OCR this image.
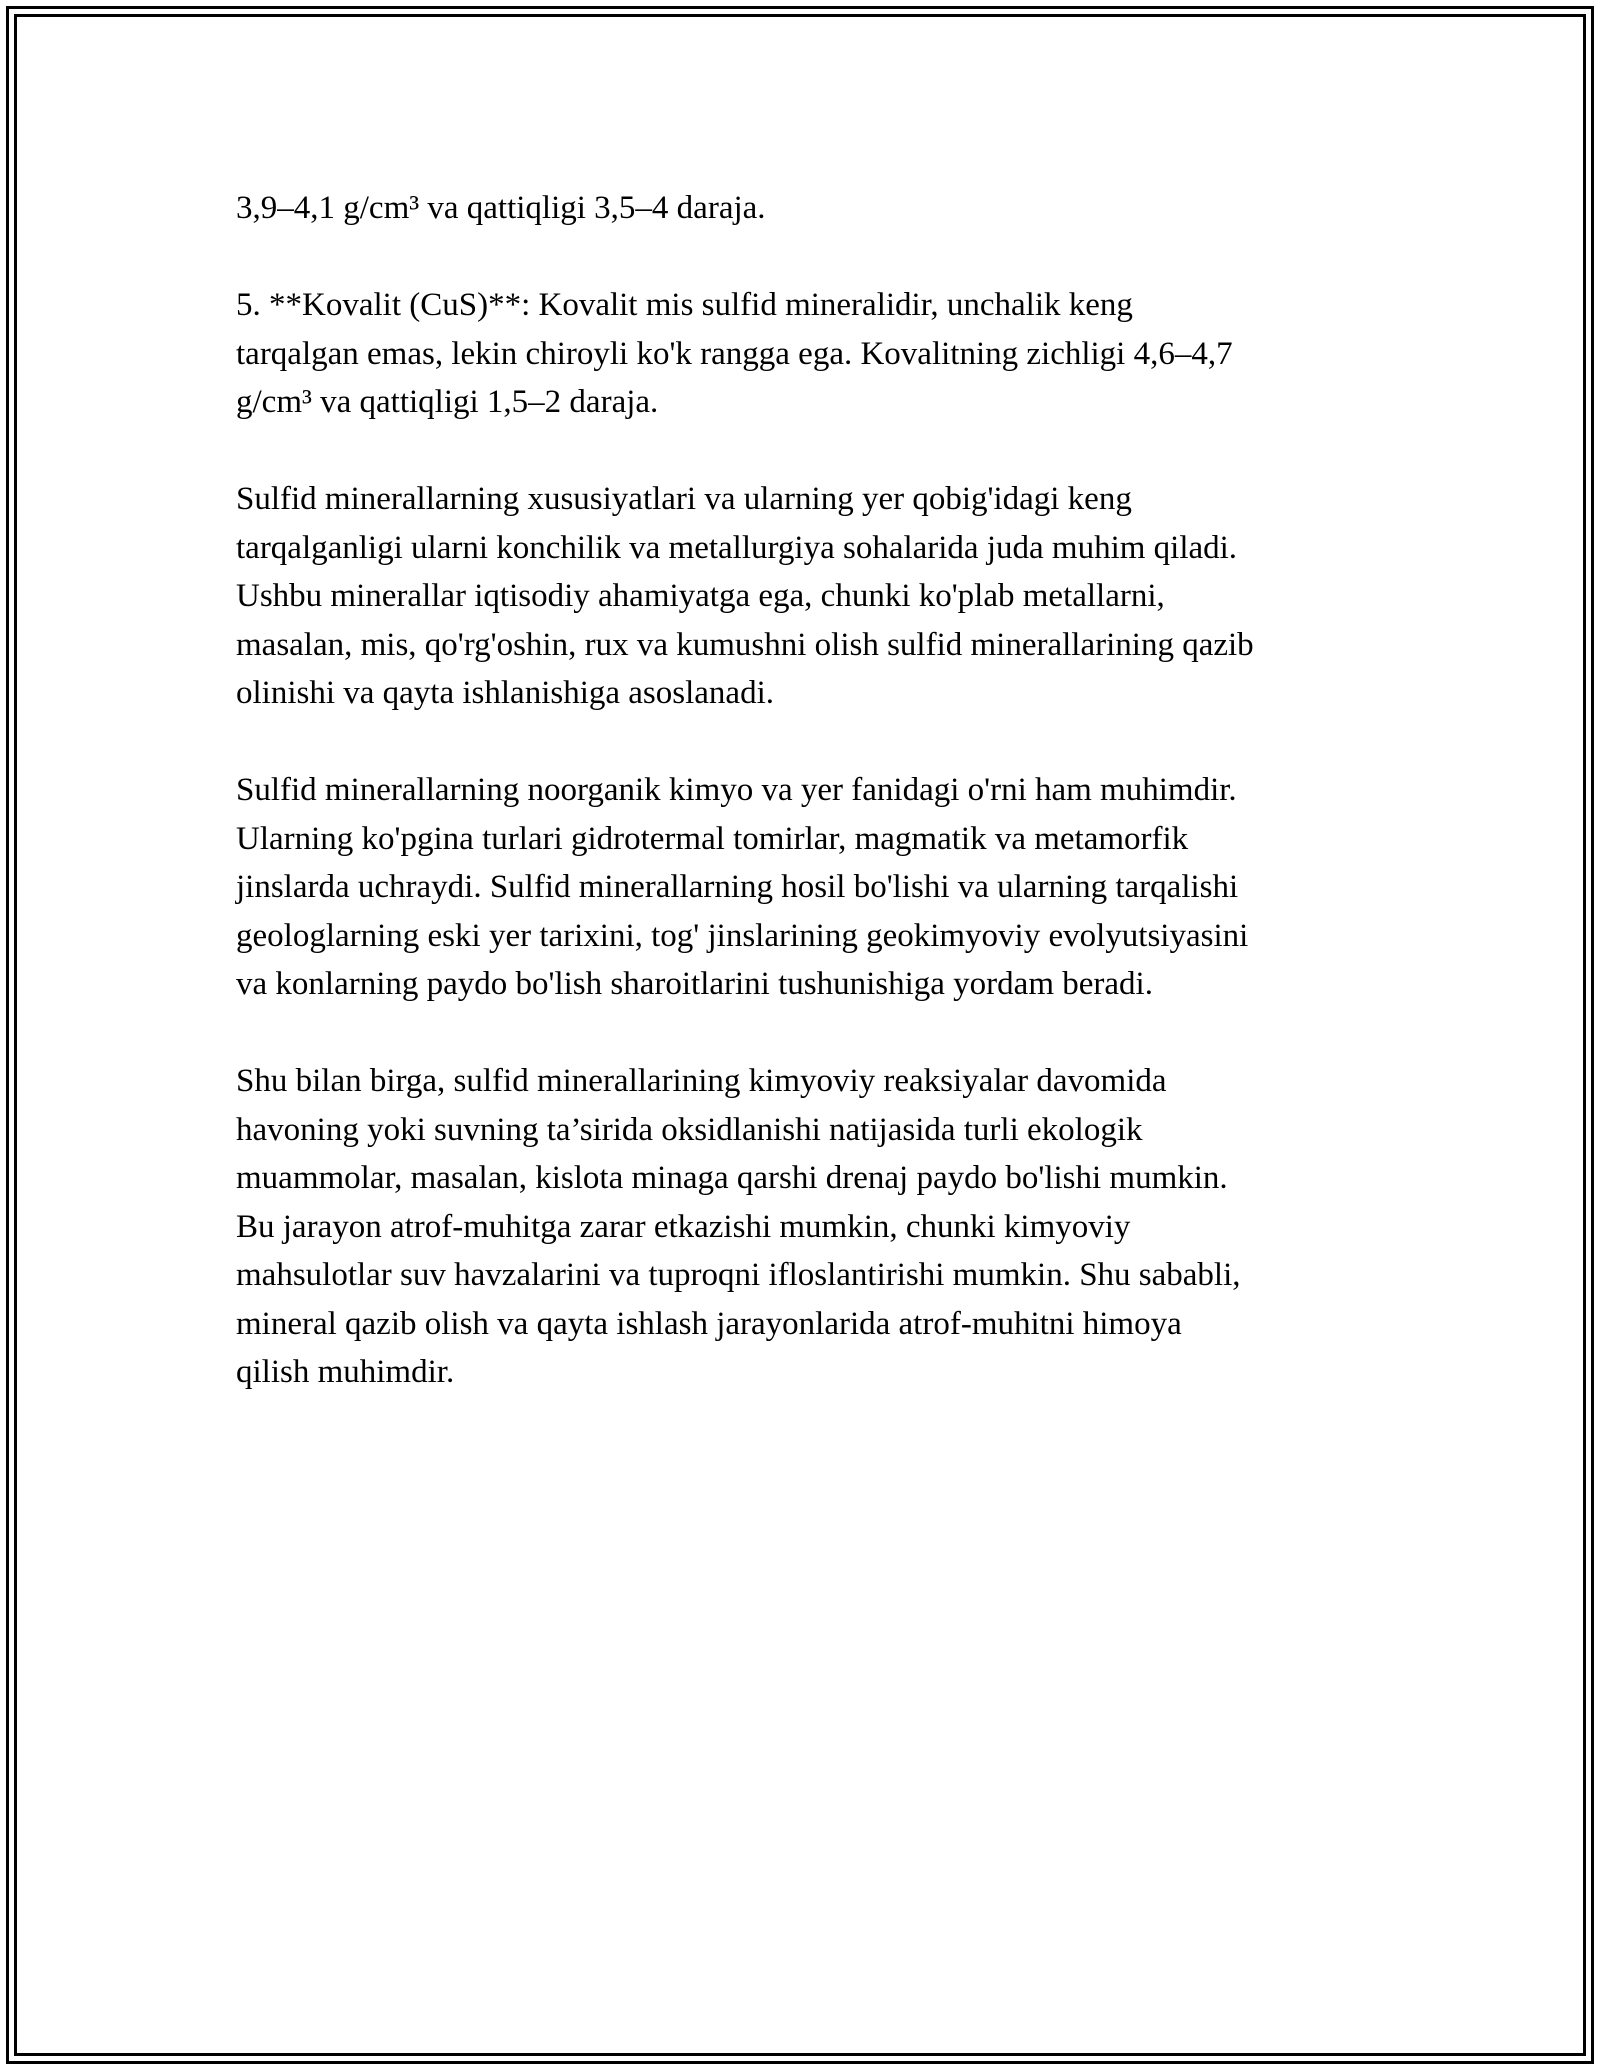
3,9–4,1 g/cm³ va qattiqligi 3,5–4 daraja.

5. **Kovalit (CuS)**: Kovalit mis sulfid mineralidir, unchalik keng
tarqalgan emas, lekin chiroyli ko'k rangga ega. Kovalitning zichligi 4,6–4,7
g/cm³ va qattiqligi 1,5–2 daraja.

Sulfid minerallarning xususiyatlari va ularning yer qobig'idagi keng
tarqalganligi ularni konchilik va metallurgiya sohalarida juda muhim qiladi.
Ushbu minerallar iqtisodiy ahamiyatga ega, chunki ko'plab metallarni,
masalan, mis, qo'rg'oshin, rux va kumushni olish sulfid minerallarining qazib
olinishi va qayta ishlanishiga asoslanadi.

Sulfid minerallarning noorganik kimyo va yer fanidagi o'rni ham muhimdir.
Ularning ko'pgina turlari gidrotermal tomirlar, magmatik va metamorfik
jinslarda uchraydi. Sulfid minerallarning hosil bo'lishi va ularning tarqalishi
geologlarning eski yer tarixini, tog' jinslarining geokimyoviy evolyutsiyasini
va konlarning paydo bo'lish sharoitlarini tushunishiga yordam beradi.

Shu bilan birga, sulfid minerallarining kimyoviy reaksiyalar davomida
havoning yoki suvning ta’sirida oksidlanishi natijasida turli ekologik
muammolar, masalan, kislota minaga qarshi drenaj paydo bo'lishi mumkin.
Bu jarayon atrof-muhitga zarar etkazishi mumkin, chunki kimyoviy
mahsulotlar suv havzalarini va tuproqni ifloslantirishi mumkin. Shu sababli,
mineral qazib olish va qayta ishlash jarayonlarida atrof-muhitni himoya
qilish muhimdir.
